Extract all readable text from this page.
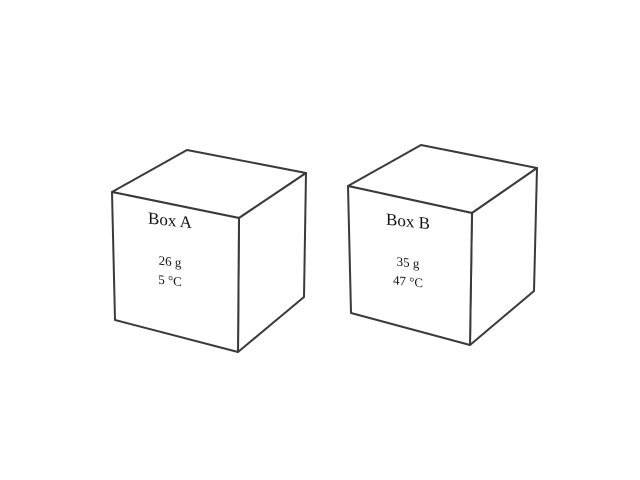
Box A
26 g
5 °C
Box B
35 g
47 °C
